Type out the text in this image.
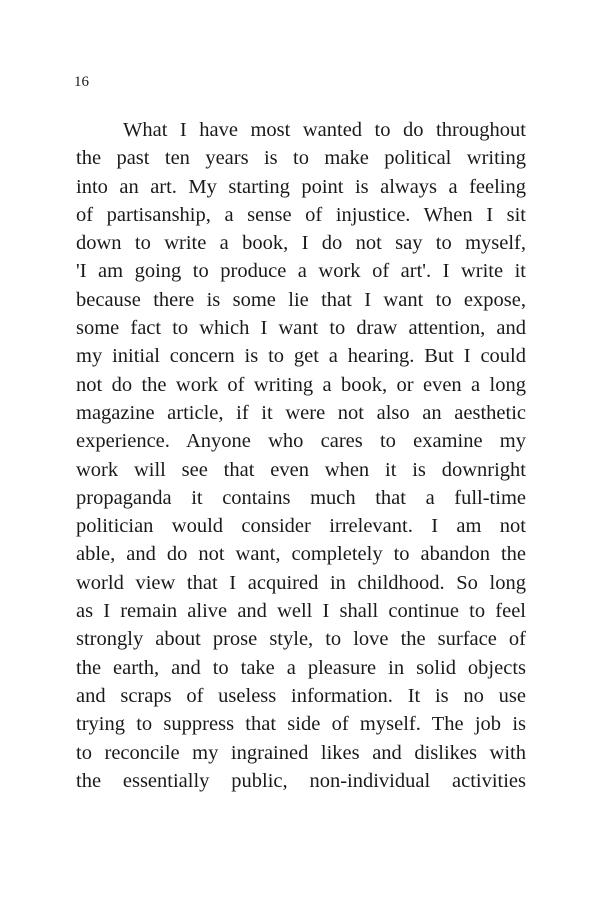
16
What I have most wanted to do throughout
the past ten years is to make political writing
into an art. My starting point is always a feeling
of partisanship, a sense of injustice. When I sit
down to write a book, I do not say to myself,
'I am going to produce a work of art'. I write it
because there is some lie that I want to expose,
some fact to which I want to draw attention, and
my initial concern is to get a hearing. But I could
not do the work of writing a book, or even a long
magazine article, if it were not also an aesthetic
experience. Anyone who cares to examine my
work will see that even when it is downright
propaganda it contains much that a full-time
politician would consider irrelevant. I am not
able, and do not want, completely to abandon the
world view that I acquired in childhood. So long
as I remain alive and well I shall continue to feel
strongly about prose style, to love the surface of
the earth, and to take a pleasure in solid objects
and scraps of useless information. It is no use
trying to suppress that side of myself. The job is
to reconcile my ingrained likes and dislikes with
the essentially public, non-individual activities
